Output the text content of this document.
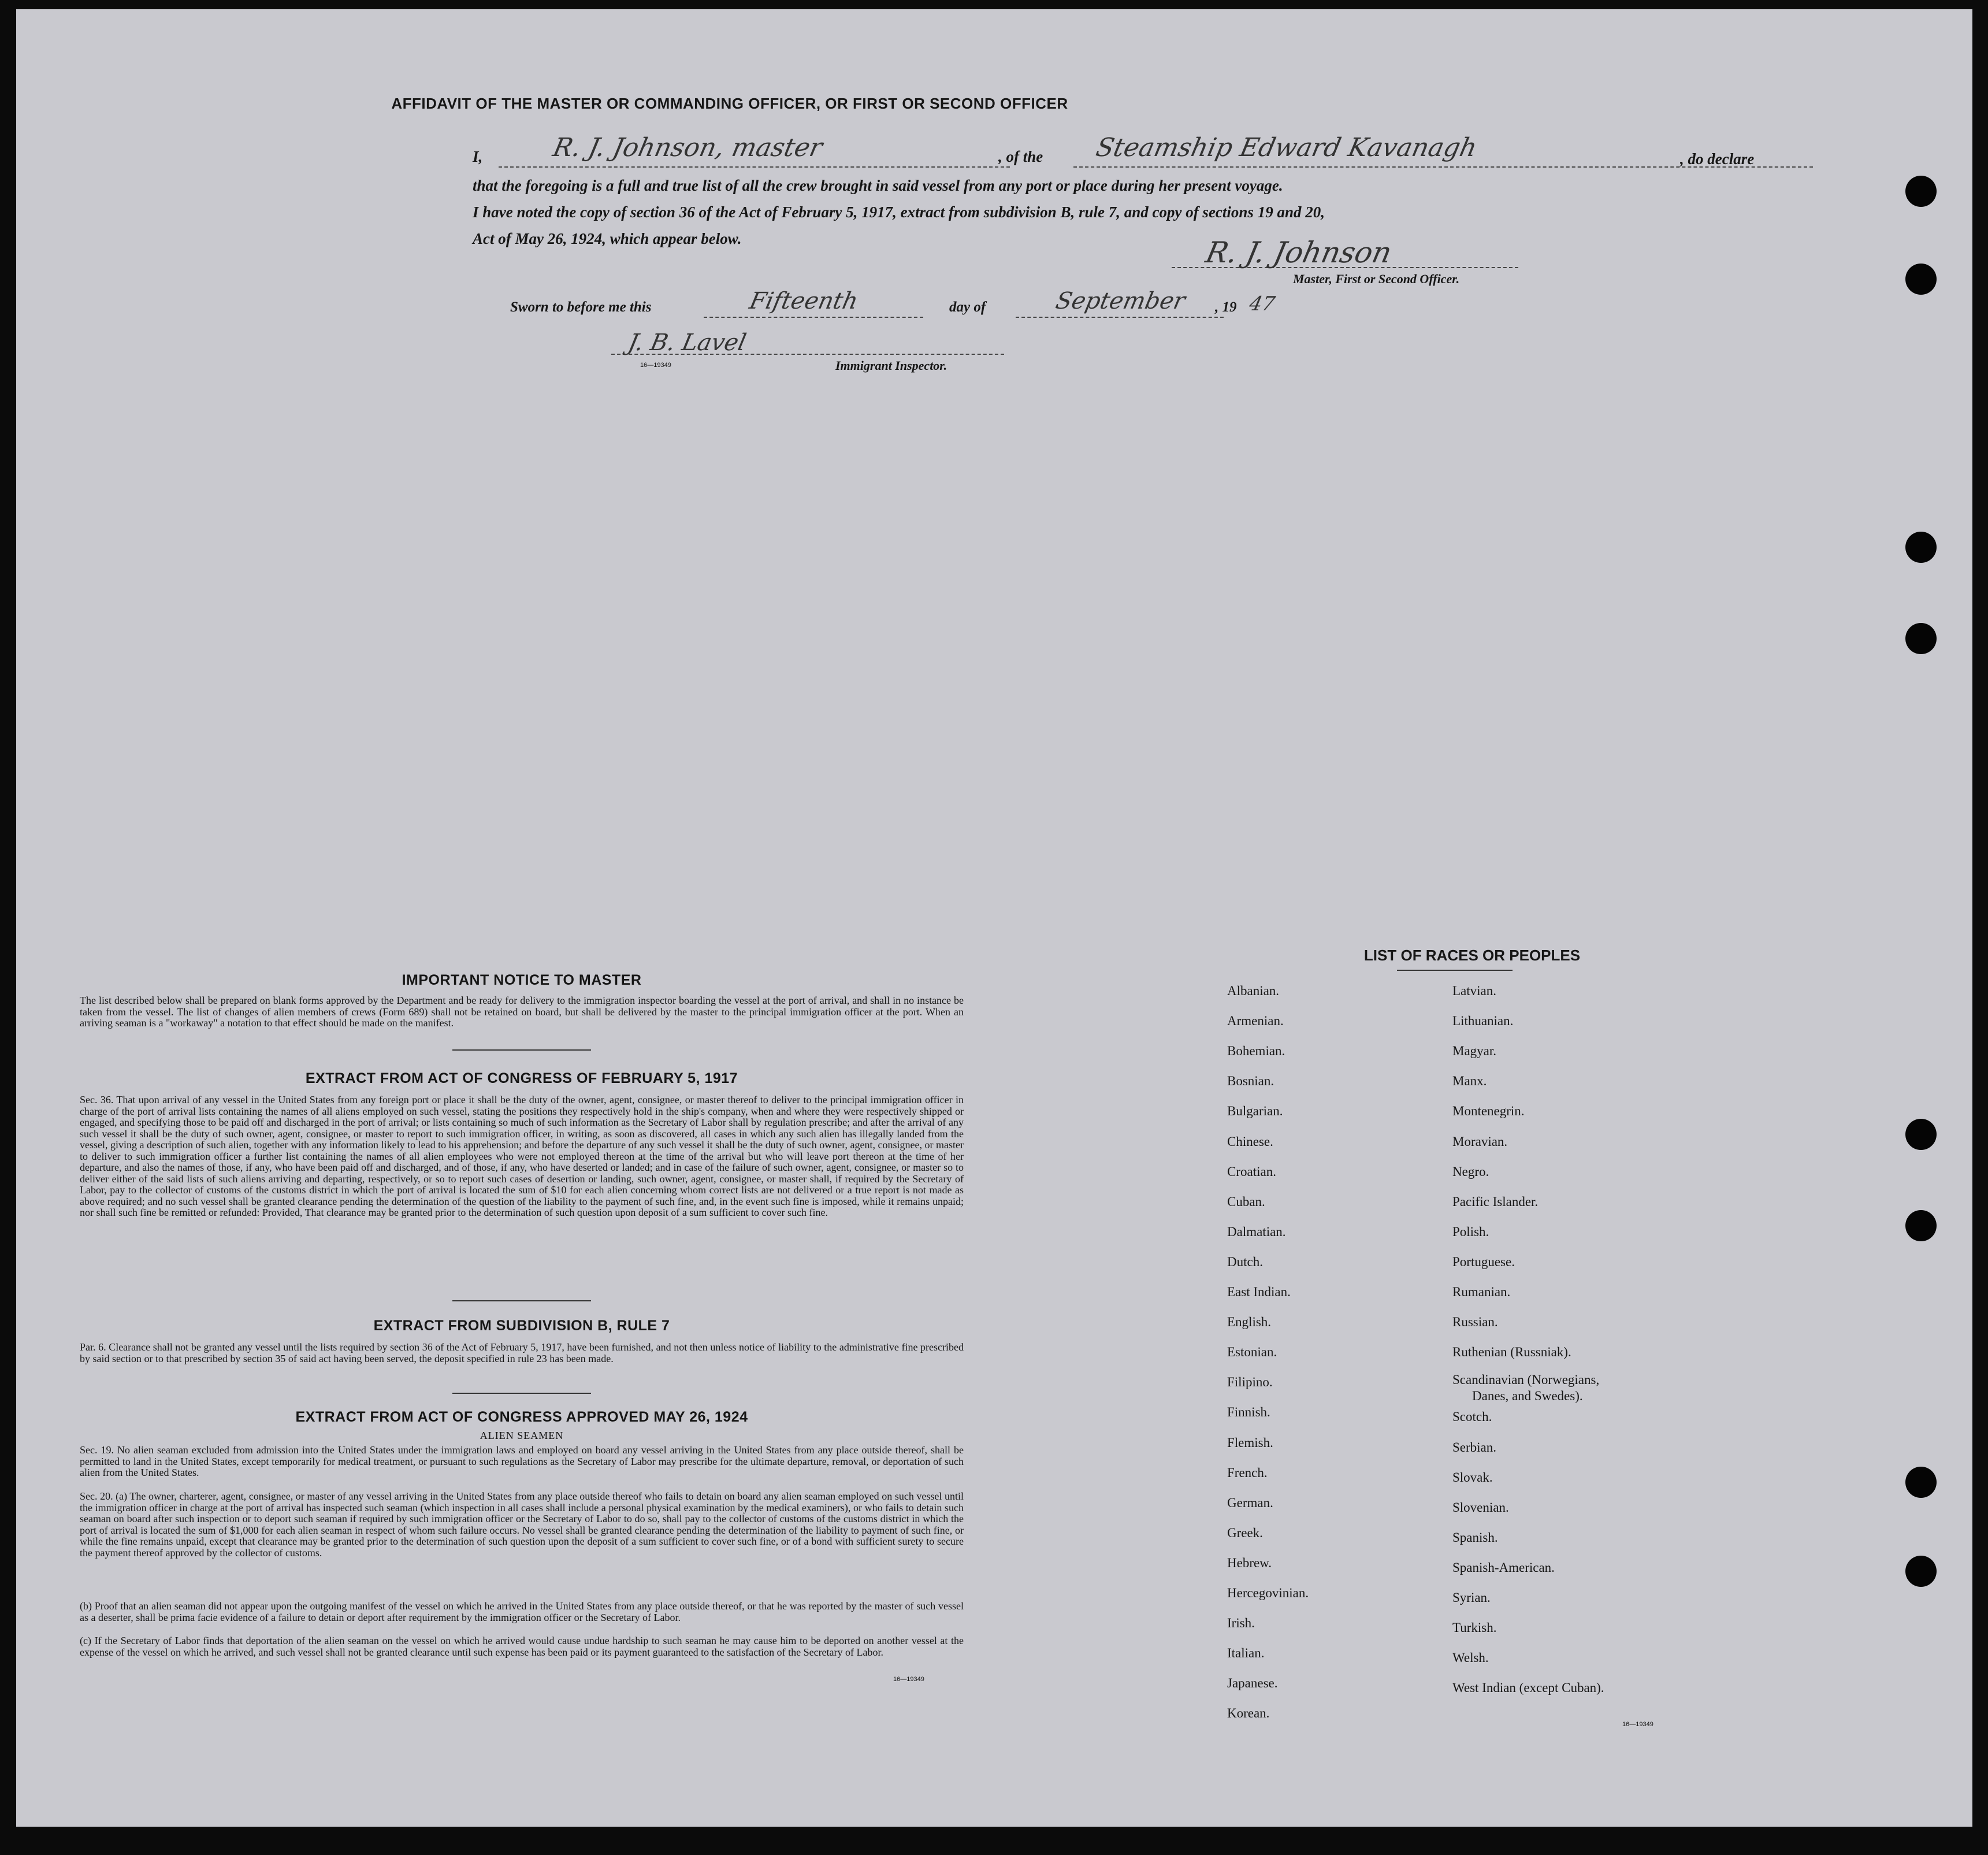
AFFIDAVIT OF THE MASTER OR COMMANDING OFFICER, OR FIRST OR SECOND OFFICER
I,	R. J. Johnson, master	, of the Steamship Edward Kavanagh	, do declare
that the foregoing is a full and true list of all the crew brought in said vessel from any port or place during her present voyage.
I have noted the copy of section 36 of the Act of February 5, 1917, extract from subdivision B, rule 7, and copy of sections 19 and 20,
Act of May 26, 1924, which appear below.	R. J. Johnson
Master, First or Second Officer.
Sworn to before me this	Fifteenth	day of	September , 19 47
J. B. Lavel
16—19349	Immigrant Inspector.
IMPORTANT NOTICE TO MASTER

The list described below shall be prepared on blank forms approved by the Department and be ready for delivery to the immigration inspector boarding the vessel at the port of arrival, and shall in no instance be taken from the vessel. The list of changes of alien members of crews (Form 689) shall not be retained on board, but shall be delivered by the master to the principal immigration officer at the port. When an arriving seaman is a "workaway" a notation to that effect should be made on the manifest.

EXTRACT FROM ACT OF CONGRESS OF FEBRUARY 5, 1917

Sec. 36. That upon arrival of any vessel in the United States from any foreign port or place it shall be the duty of the owner, agent, consignee, or master thereof to deliver to the principal immigration officer in charge of the port of arrival lists containing the names of all aliens employed on such vessel, stating the positions they respectively hold in the ship's company, when and where they were respectively shipped or engaged, and specifying those to be paid off and discharged in the port of arrival; or lists containing so much of such information as the Secretary of Labor shall by regulation prescribe; and after the arrival of any such vessel it shall be the duty of such owner, agent, consignee, or master to report to such immigration officer, in writing, as soon as discovered, all cases in which any such alien has illegally landed from the vessel, giving a description of such alien, together with any information likely to lead to his apprehension; and before the departure of any such vessel it shall be the duty of such owner, agent, consignee, or master to deliver to such immigration officer a further list containing the names of all alien employees who were not employed thereon at the time of the arrival but who will leave port thereon at the time of her departure, and also the names of those, if any, who have been paid off and discharged, and of those, if any, who have deserted or landed; and in case of the failure of such owner, agent, consignee, or master so to deliver either of the said lists of such aliens arriving and departing, respectively, or so to report such cases of desertion or landing, such owner, agent, consignee, or master shall, if required by the Secretary of Labor, pay to the collector of customs of the customs district in which the port of arrival is located the sum of $10 for each alien concerning whom correct lists are not delivered or a true report is not made as above required; and no such vessel shall be granted clearance pending the determination of the question of the liability to the payment of such fine, and, in the event such fine is imposed, while it remains unpaid; nor shall such fine be remitted or refunded: Provided, That clearance may be granted prior to the determination of such question upon deposit of a sum sufficient to cover such fine.

EXTRACT FROM SUBDIVISION B, RULE 7

Par. 6. Clearance shall not be granted any vessel until the lists required by section 36 of the Act of February 5, 1917, have been furnished, and not then unless notice of liability to the administrative fine prescribed by said section or to that prescribed by section 35 of said act having been served, the deposit specified in rule 23 has been made.

EXTRACT FROM ACT OF CONGRESS APPROVED MAY 26, 1924
ALIEN SEAMEN

Sec. 19. No alien seaman excluded from admission into the United States under the immigration laws and employed on board any vessel arriving in the United States from any place outside thereof, shall be permitted to land in the United States, except temporarily for medical treatment, or pursuant to such regulations as the Secretary of Labor may prescribe for the ultimate departure, removal, or deportation of such alien from the United States.

Sec. 20. (a) The owner, charterer, agent, consignee, or master of any vessel arriving in the United States from any place outside thereof who fails to detain on board any alien seaman employed on such vessel until the immigration officer in charge at the port of arrival has inspected such seaman (which inspection in all cases shall include a personal physical examination by the medical examiners), or who fails to detain such seaman on board after such inspection or to deport such seaman if required by such immigration officer or the Secretary of Labor to do so, shall pay to the collector of customs of the customs district in which the port of arrival is located the sum of $1,000 for each alien seaman in respect of whom such failure occurs. No vessel shall be granted clearance pending the determination of the liability to payment of such fine, or while the fine remains unpaid, except that clearance may be granted prior to the determination of such question upon the deposit of a sum sufficient to cover such fine, or of a bond with sufficient surety to secure the payment thereof approved by the collector of customs.

(b) Proof that an alien seaman did not appear upon the outgoing manifest of the vessel on which he arrived in the United States from any place outside thereof, or that he was reported by the master of such vessel as a deserter, shall be prima facie evidence of a failure to detain or deport after requirement by the immigration officer or the Secretary of Labor.

(c) If the Secretary of Labor finds that deportation of the alien seaman on the vessel on which he arrived would cause undue hardship to such seaman he may cause him to be deported on another vessel at the expense of the vessel on which he arrived, and such vessel shall not be granted clearance until such expense has been paid or its payment guaranteed to the satisfaction of the Secretary of Labor.

16—19349
LIST OF RACES OR PEOPLES
16—19349
Albanian.
Armenian.
Bohemian.
Bosnian.
Bulgarian.
Chinese.
Croatian.
Cuban.
Dalmatian.
Dutch.
East Indian.
English.
Estonian.
Filipino.
Finnish.
Flemish.
French.
German.
Greek.
Hebrew.
Hercegovinian.
Irish.
Italian.
Japanese.
Korean.
Latvian.
Lithuanian.
Magyar.
Manx.
Montenegrin.
Moravian.
Negro.
Pacific Islander.
Polish.
Portuguese.
Rumanian.
Russian.
Ruthenian (Russniak).
Scandinavian (Norwegians,
Danes, and Swedes).
Scotch.
Serbian.
Slovak.
Slovenian.
Spanish.
Spanish-American.
Syrian.
Turkish.
Welsh.
West Indian (except Cuban).
